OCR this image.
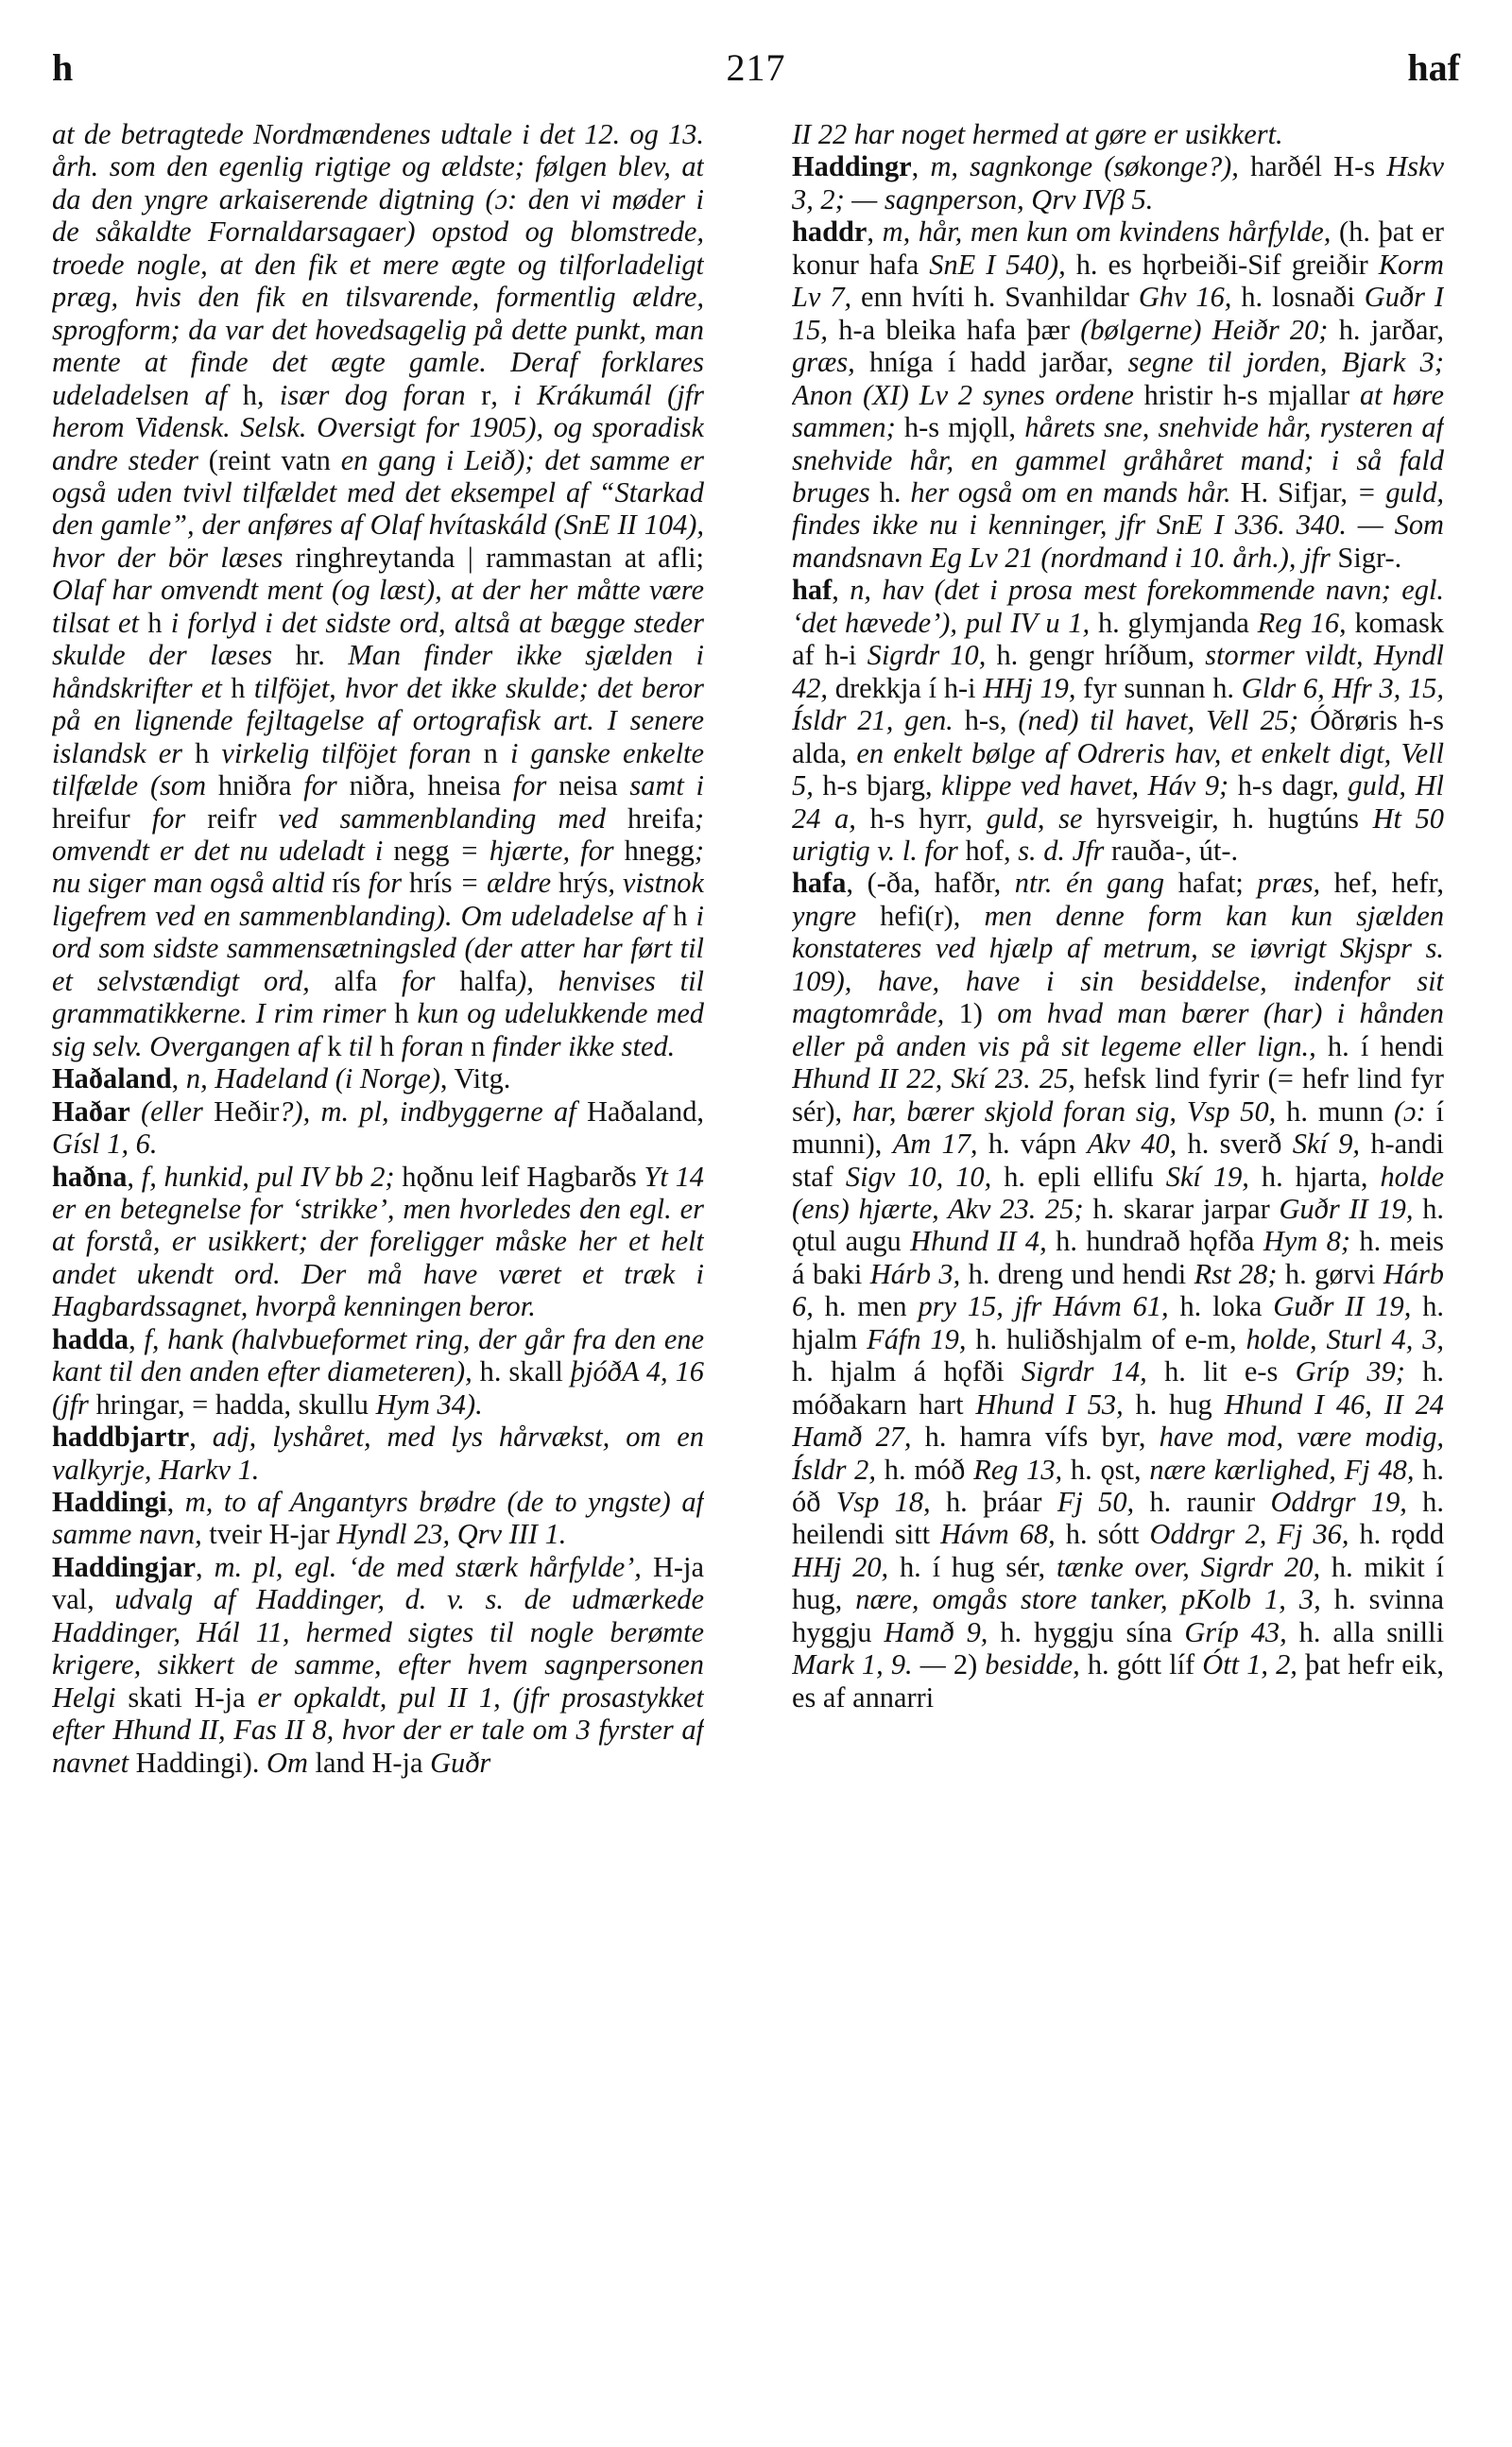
h	217	haf

at de betragtede Nordmændenes udtale i det 12. og 13. årh. som den egenlig rigtige og ældste; følgen blev, at da den yngre arkaiserende digtning (ɔ: den vi møder i de såkaldte Fornaldarsagaer) opstod og blomstrede, troede nogle, at den fik et mere ægte og tilforladeligt præg, hvis den fik en tilsvarende, formentlig ældre, sprogform; da var det hovedsagelig på dette punkt, man mente at finde det ægte gamle. Deraf forklares udeladelsen af h, især dog foran r, i Krákumál (jfr herom Vidensk. Selsk. Oversigt for 1905), og sporadisk andre steder (reint vatn en gang i Leið); det samme er også uden tvivl tilfældet med det eksempel af “Starkad den gamle”, der anføres af Olaf hvítaskáld (SnE II 104), hvor der bör læses ringhreytanda | rammastan at afli; Olaf har omvendt ment (og læst), at der her måtte være tilsat et h i forlyd i det sidste ord, altså at bægge steder skulde der læses hr. Man finder ikke sjælden i håndskrifter et h tilföjet, hvor det ikke skulde; det beror på en lignende fejltagelse af ortografisk art. I senere islandsk er h virkelig tilföjet foran n i ganske enkelte tilfælde (som hniðra for niðra, hneisa for neisa samt i hreifur for reifr ved sammenblanding med hreifa; omvendt er det nu udeladt i negg = hjærte, for hnegg; nu siger man også altid rís for hrís = ældre hrýs, vistnok ligefrem ved en sammenblanding). Om udeladelse af h i ord som sidste sammensætningsled (der atter har ført til et selvstændigt ord, alfa for halfa), henvises til grammatikkerne. I rim rimer h kun og udelukkende med sig selv. Overgangen af k til h foran n finder ikke sted.

Haðaland, n, Hadeland (i Norge), Vitg.

Haðar (eller Heðir?), m. pl, indbyggerne af Haðaland, Gísl 1, 6.

haðna, f, hunkid, pul IV bb 2; hǫðnu leif Hagbarðs Yt 14 er en betegnelse for ‘strikke’, men hvorledes den egl. er at forstå, er usikkert; der foreligger måske her et helt andet ukendt ord. Der må have været et træk i Hagbardssagnet, hvorpå kenningen beror.

hadda, f, hank (halvbueformet ring, der går fra den ene kant til den anden efter diameteren), h. skall þjóðA 4, 16 (jfr hringar, = hadda, skullu Hym 34).

haddbjartr, adj, lyshåret, med lys hårvækst, om en valkyrje, Harkv 1.

Haddingi, m, to af Angantyrs brødre (de to yngste) af samme navn, tveir H-jar Hyndl 23, Qrv III 1.

Haddingjar, m. pl, egl. ‘de med stærk hårfylde’, H-ja val, udvalg af Haddinger, d. v. s. de udmærkede Haddinger, Hál 11, hermed sigtes til nogle berømte krigere, sikkert de samme, efter hvem sagnpersonen Helgi skati H-ja er opkaldt, pul II 1, (jfr prosastykket efter Hhund II, Fas II 8, hvor der er tale om 3 fyrster af navnet Haddingi). Om land H-ja Guðr

II 22 har noget hermed at gøre er usikkert.

Haddingr, m, sagnkonge (søkonge?), harðél H-s Hskv 3, 2; — sagnperson, Qrv IVβ 5.

haddr, m, hår, men kun om kvindens hårfylde, (h. þat er konur hafa SnE I 540), h. es hǫrbeiði-Sif greiðir Korm Lv 7, enn hvíti h. Svanhildar Ghv 16, h. losnaði Guðr I 15, h-a bleika hafa þær (bølgerne) Heiðr 20; h. jarðar, græs, hníga í hadd jarðar, segne til jorden, Bjark 3; Anon (XI) Lv 2 synes ordene hristir h-s mjallar at høre sammen; h-s mjǫll, hårets sne, snehvide hår, rysteren af snehvide hår, en gammel gråhåret mand; i så fald bruges h. her også om en mands hår. H. Sifjar, = guld, findes ikke nu i kenninger, jfr SnE I 336. 340. — Som mandsnavn Eg Lv 21 (nordmand i 10. årh.), jfr Sigr-.

haf, n, hav (det i prosa mest forekommende navn; egl. ‘det hævede’), pul IV u 1, h. glymjanda Reg 16, komask af h-i Sigrdr 10, h. gengr hríðum, stormer vildt, Hyndl 42, drekkja í h-i HHj 19, fyr sunnan h. Gldr 6, Hfr 3, 15, Ísldr 21, gen. h-s, (ned) til havet, Vell 25; Óðrøris h-s alda, en enkelt bølge af Odreris hav, et enkelt digt, Vell 5, h-s bjarg, klippe ved havet, Háv 9; h-s dagr, guld, Hl 24 a, h-s hyrr, guld, se hyrsveigir, h. hugtúns Ht 50 urigtig v. l. for hof, s. d. Jfr rauða-, út-.

hafa, (-ða, hafðr, ntr. én gang hafat; præs, hef, hefr, yngre hefi(r), men denne form kan kun sjælden konstateres ved hjælp af metrum, se iøvrigt Skjspr s. 109), have, have i sin besiddelse, indenfor sit magtområde, 1) om hvad man bærer (har) i hånden eller på anden vis på sit legeme eller lign., h. í hendi Hhund II 22, Skí 23. 25, hefsk lind fyrir (= hefr lind fyr sér), har, bærer skjold foran sig, Vsp 50, h. munn (ɔ: í munni), Am 17, h. vápn Akv 40, h. sverð Skí 9, h-andi staf Sigv 10, 10, h. epli ellifu Skí 19, h. hjarta, holde (ens) hjærte, Akv 23. 25; h. skarar jarpar Guðr II 19, h. ǫtul augu Hhund II 4, h. hundrað hǫfða Hym 8; h. meis á baki Hárb 3, h. dreng und hendi Rst 28; h. gørvi Hárb 6, h. men pry 15, jfr Hávm 61, h. loka Guðr II 19, h. hjalm Fáfn 19, h. huliðshjalm of e-m, holde, Sturl 4, 3, h. hjalm á hǫfði Sigrdr 14, h. lit e-s Gríp 39; h. móðakarn hart Hhund I 53, h. hug Hhund I 46, II 24 Hamð 27, h. hamra vífs byr, have mod, være modig, Ísldr 2, h. móð Reg 13, h. ǫst, nære kærlighed, Fj 48, h. óð Vsp 18, h. þráar Fj 50, h. raunir Oddrgr 19, h. heilendi sitt Hávm 68, h. sótt Oddrgr 2, Fj 36, h. rǫdd HHj 20, h. í hug sér, tænke over, Sigrdr 20, h. mikit í hug, nære, omgås store tanker, pKolb 1, 3, h. svinna hyggju Hamð 9, h. hyggju sína Gríp 43, h. alla snilli Mark 1, 9. — 2) besidde, h. gótt líf Ótt 1, 2, þat hefr eik, es af annarri
